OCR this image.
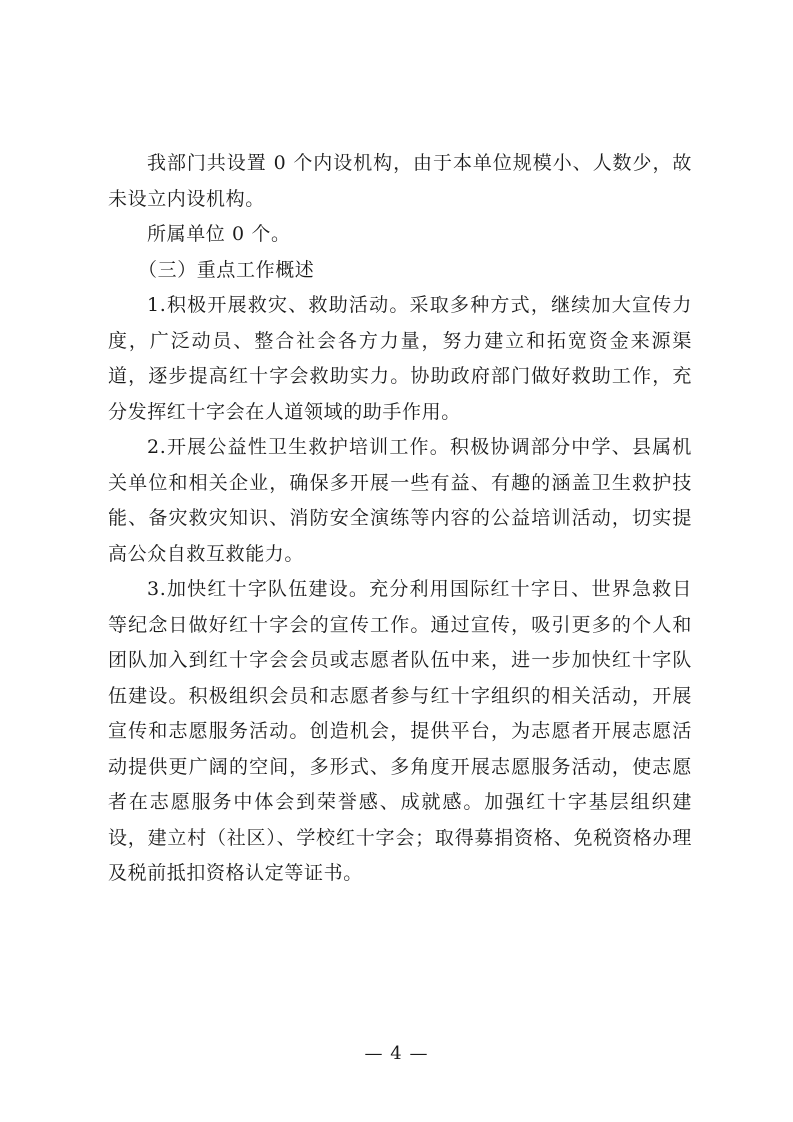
我部门共设置 0 个内设机构，由于本单位规模小、人数少，故未设立内设机构。

所属单位 0 个。

（三）重点工作概述

1.积极开展救灾、救助活动。采取多种方式，继续加大宣传力度，广泛动员、整合社会各方力量，努力建立和拓宽资金来源渠道，逐步提高红十字会救助实力。协助政府部门做好救助工作，充分发挥红十字会在人道领域的助手作用。

2.开展公益性卫生救护培训工作。积极协调部分中学、县属机关单位和相关企业，确保多开展一些有益、有趣的涵盖卫生救护技能、备灾救灾知识、消防安全演练等内容的公益培训活动，切实提高公众自救互救能力。

3.加快红十字队伍建设。充分利用国际红十字日、世界急救日等纪念日做好红十字会的宣传工作。通过宣传，吸引更多的个人和团队加入到红十字会会员或志愿者队伍中来，进一步加快红十字队伍建设。积极组织会员和志愿者参与红十字组织的相关活动，开展宣传和志愿服务活动。创造机会，提供平台，为志愿者开展志愿活动提供更广阔的空间，多形式、多角度开展志愿服务活动，使志愿者在志愿服务中体会到荣誉感、成就感。加强红十字基层组织建设，建立村（社区）、学校红十字会；取得募捐资格、免税资格办理及税前抵扣资格认定等证书。

— 4 —
